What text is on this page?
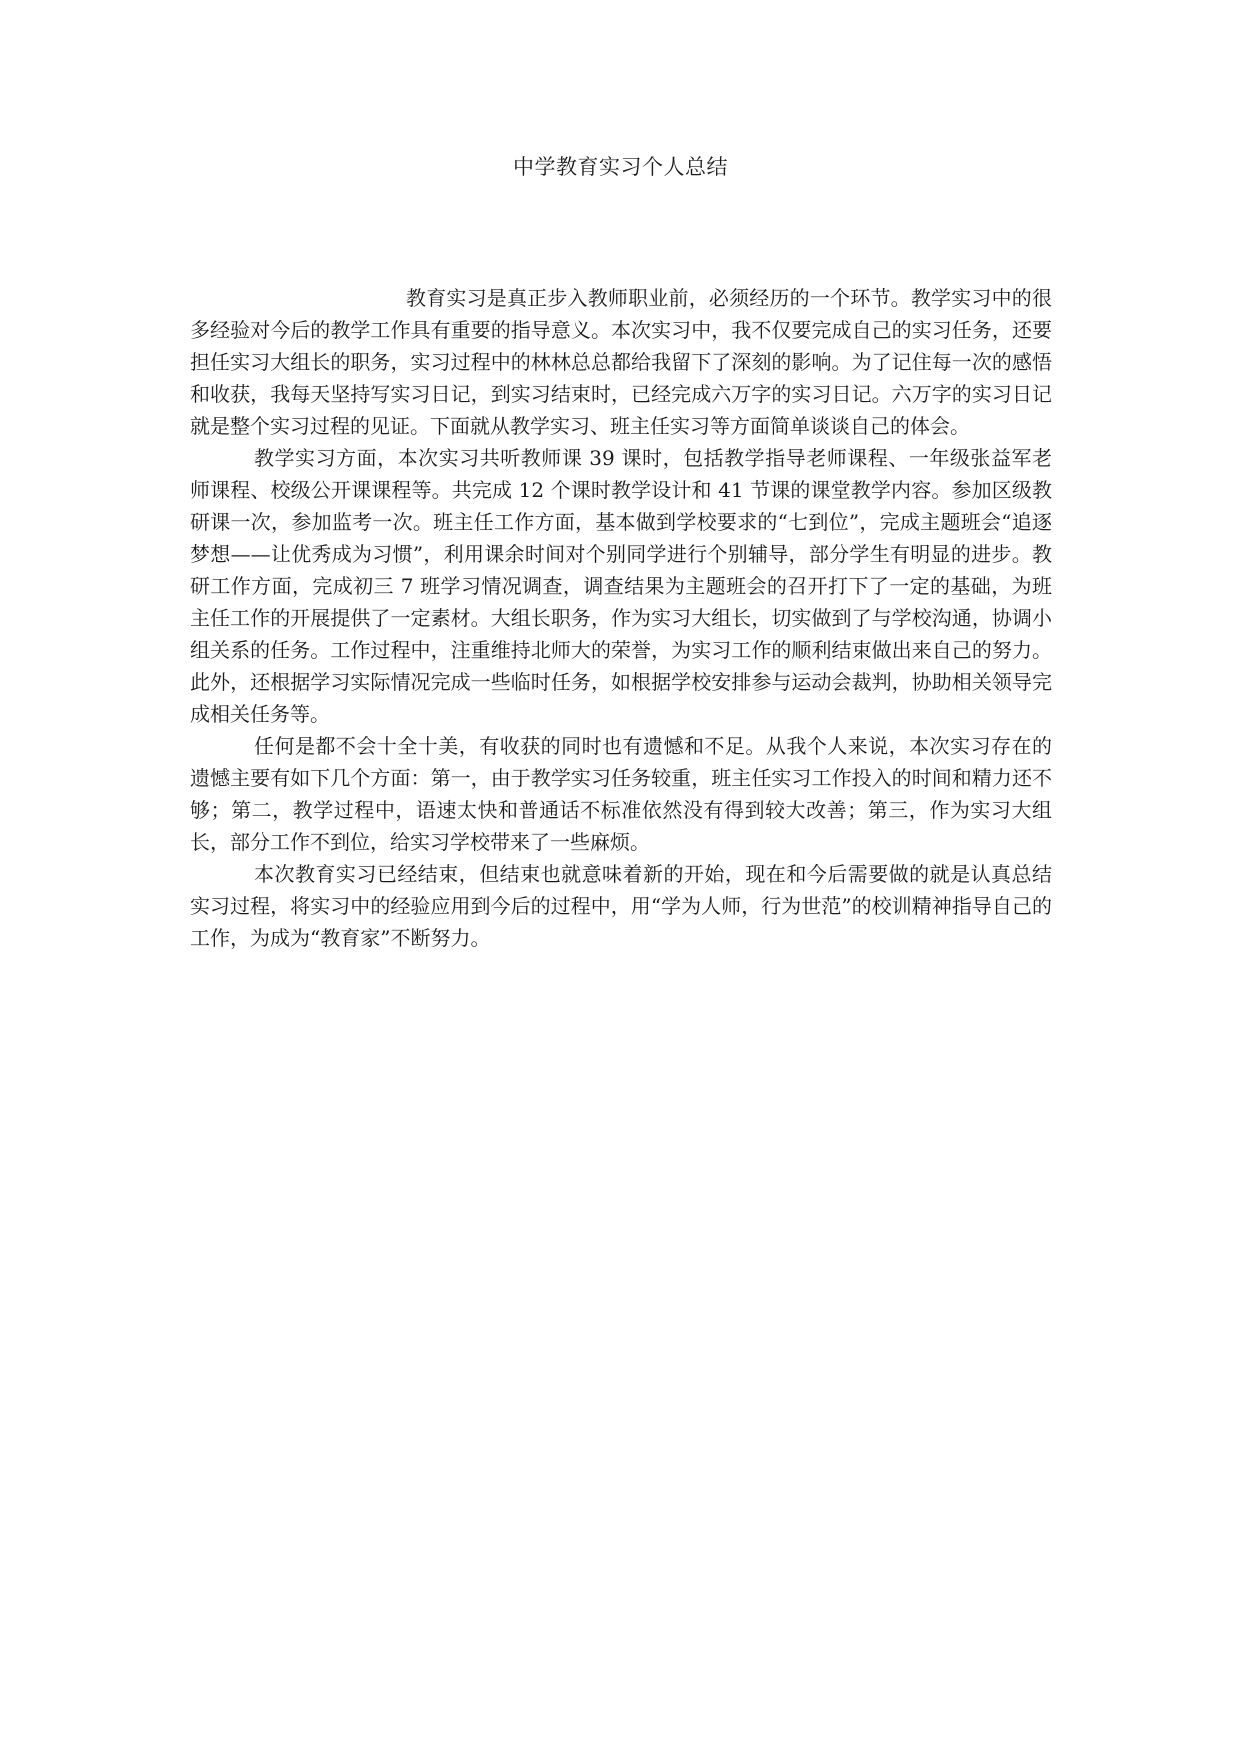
中学教育实习个人总结

教育实习是真正步入教师职业前，必须经历的一个环节。教学实习中的很多经验对今后的教学工作具有重要的指导意义。本次实习中，我不仅要完成自己的实习任务，还要担任实习大组长的职务，实习过程中的林林总总都给我留下了深刻的影响。为了记住每一次的感悟和收获，我每天坚持写实习日记，到实习结束时，已经完成六万字的实习日记。六万字的实习日记就是整个实习过程的见证。下面就从教学实习、班主任实习等方面简单谈谈自己的体会。

教学实习方面，本次实习共听教师课 39 课时，包括教学指导老师课程、一年级张益军老师课程、校级公开课课程等。共完成 12 个课时教学设计和 41 节课的课堂教学内容。参加区级教研课一次，参加监考一次。班主任工作方面，基本做到学校要求的“七到位”，完成主题班会“追逐梦想——让优秀成为习惯”，利用课余时间对个别同学进行个别辅导，部分学生有明显的进步。教研工作方面，完成初三 7 班学习情况调查，调查结果为主题班会的召开打下了一定的基础，为班主任工作的开展提供了一定素材。大组长职务，作为实习大组长，切实做到了与学校沟通，协调小组关系的任务。工作过程中，注重维持北师大的荣誉，为实习工作的顺利结束做出来自己的努力。此外，还根据学习实际情况完成一些临时任务，如根据学校安排参与运动会裁判，协助相关领导完成相关任务等。

任何是都不会十全十美，有收获的同时也有遗憾和不足。从我个人来说，本次实习存在的遗憾主要有如下几个方面：第一，由于教学实习任务较重，班主任实习工作投入的时间和精力还不够；第二，教学过程中，语速太快和普通话不标准依然没有得到较大改善；第三，作为实习大组长，部分工作不到位，给实习学校带来了一些麻烦。

本次教育实习已经结束，但结束也就意味着新的开始，现在和今后需要做的就是认真总结实习过程，将实习中的经验应用到今后的过程中，用“学为人师，行为世范”的校训精神指导自己的工作，为成为“教育家”不断努力。
